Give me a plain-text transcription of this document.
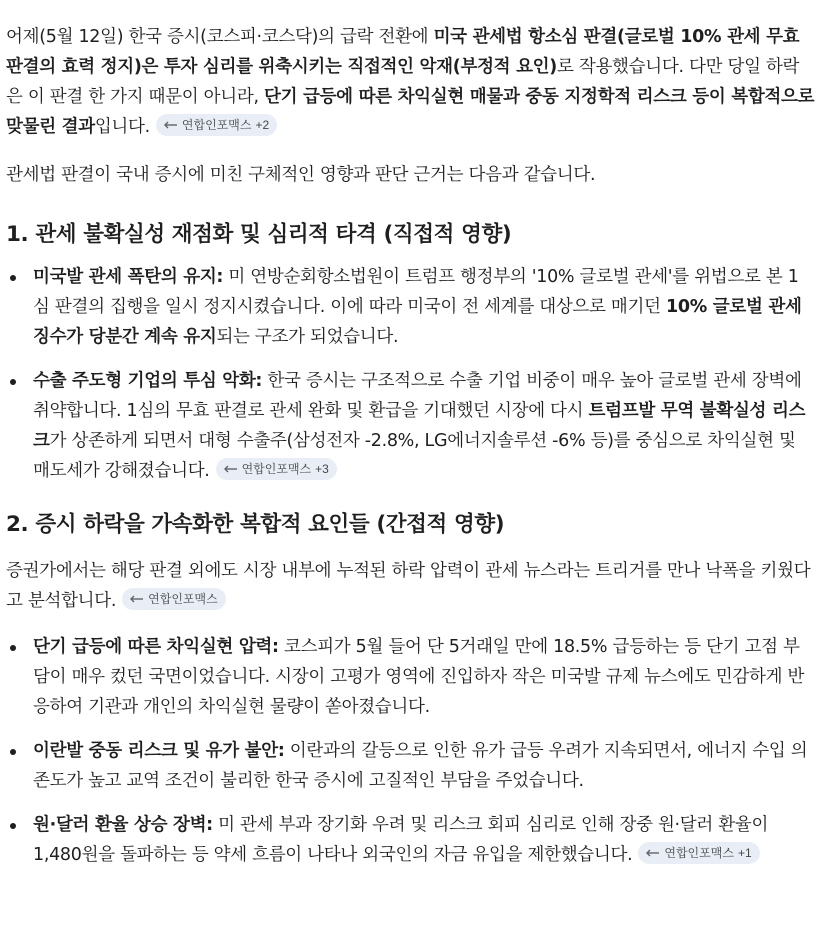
어제(5월 12일) 한국 증시(코스피·코스닥)의 급락 전환에 미국 관세법 항소심 판결(글로벌 10% 관세 무효 판결의 효력 정지)은 투자 심리를 위축시키는 직접적인 악재(부정적 요인)로 작용했습니다. 다만 당일 하락은 이 판결 한 가지 때문이 아니라, 단기 급등에 따른 차익실현 매물과 중동 지정학적 리스크 등이 복합적으로 맞물린 결과입니다.	연합인포맥스 +2

관세법 판결이 국내 증시에 미친 구체적인 영향과 판단 근거는 다음과 같습니다.

1. 관세 불확실성 재점화 및 심리적 타격 (직접적 영향)
미국발 관세 폭탄의 유지: 미 연방순회항소법원이 트럼프 행정부의 '10% 글로벌 관세'를 위법으로 본 1심 판결의 집행을 일시 정지시켰습니다. 이에 따라 미국이 전 세계를 대상으로 매기던 10% 글로벌 관세 징수가 당분간 계속 유지되는 구조가 되었습니다.
수출 주도형 기업의 투심 악화: 한국 증시는 구조적으로 수출 기업 비중이 매우 높아 글로벌 관세 장벽에 취약합니다. 1심의 무효 판결로 관세 완화 및 환급을 기대했던 시장에 다시 트럼프발 무역 불확실성 리스크가 상존하게 되면서 대형 수출주(삼성전자 -2.8%, LG에너지솔루션 -6% 등)를 중심으로 차익실현 및 매도세가 강해졌습니다.	연합인포맥스 +3
2. 증시 하락을 가속화한 복합적 요인들 (간접적 영향)

증권가에서는 해당 판결 외에도 시장 내부에 누적된 하락 압력이 관세 뉴스라는 트리거를 만나 낙폭을 키웠다고 분석합니다.	연합인포맥스

단기 급등에 따른 차익실현 압력: 코스피가 5월 들어 단 5거래일 만에 18.5% 급등하는 등 단기 고점 부담이 매우 컸던 국면이었습니다. 시장이 고평가 영역에 진입하자 작은 미국발 규제 뉴스에도 민감하게 반응하여 기관과 개인의 차익실현 물량이 쏟아졌습니다.
이란발 중동 리스크 및 유가 불안: 이란과의 갈등으로 인한 유가 급등 우려가 지속되면서, 에너지 수입 의존도가 높고 교역 조건이 불리한 한국 증시에 고질적인 부담을 주었습니다.
원·달러 환율 상승 장벽: 미 관세 부과 장기화 우려 및 리스크 회피 심리로 인해 장중 원·달러 환율이 1,480원을 돌파하는 등 약세 흐름이 나타나 외국인의 자금 유입을 제한했습니다.	연합인포맥스 +1
